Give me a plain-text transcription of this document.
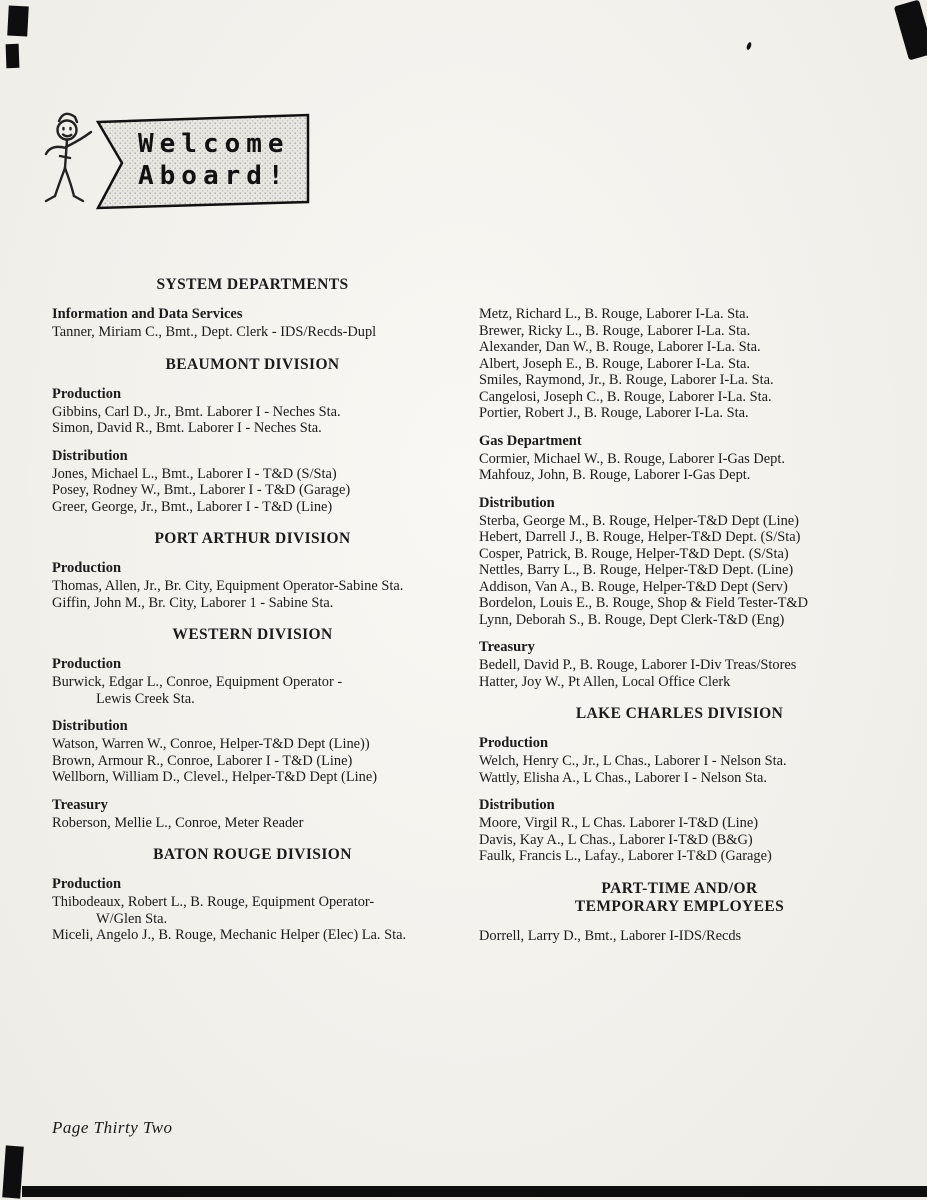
Welcome
Aboard!
SYSTEM DEPARTMENTS
Information and Data Services
Tanner, Miriam C., Bmt., Dept. Clerk - IDS/Recds-Dupl
BEAUMONT DIVISION
Production
Gibbins, Carl D., Jr., Bmt. Laborer I - Neches Sta.
Simon, David R., Bmt. Laborer I - Neches Sta.
Distribution
Jones, Michael L., Bmt., Laborer I - T&D (S/Sta)
Posey, Rodney W., Bmt., Laborer I - T&D (Garage)
Greer, George, Jr., Bmt., Laborer I - T&D (Line)
PORT ARTHUR DIVISION
Production
Thomas, Allen, Jr., Br. City, Equipment Operator-Sabine Sta.
Giffin, John M., Br. City, Laborer 1 - Sabine Sta.
WESTERN DIVISION
Production
Burwick, Edgar L., Conroe, Equipment Operator -
Lewis Creek Sta.
Distribution
Watson, Warren W., Conroe, Helper-T&D Dept (Line))
Brown, Armour R., Conroe, Laborer I - T&D (Line)
Wellborn, William D., Clevel., Helper-T&D Dept (Line)
Treasury
Roberson, Mellie L., Conroe, Meter Reader
BATON ROUGE DIVISION
Production
Thibodeaux, Robert L., B. Rouge, Equipment Operator-
W/Glen Sta.
Miceli, Angelo J., B. Rouge, Mechanic Helper (Elec) La. Sta.
Metz, Richard L., B. Rouge, Laborer I-La. Sta.
Brewer, Ricky L., B. Rouge, Laborer I-La. Sta.
Alexander, Dan W., B. Rouge, Laborer I-La. Sta.
Albert, Joseph E., B. Rouge, Laborer I-La. Sta.
Smiles, Raymond, Jr., B. Rouge, Laborer I-La. Sta.
Cangelosi, Joseph C., B. Rouge, Laborer I-La. Sta.
Portier, Robert J., B. Rouge, Laborer I-La. Sta.
Gas Department
Cormier, Michael W., B. Rouge, Laborer I-Gas Dept.
Mahfouz, John, B. Rouge, Laborer I-Gas Dept.
Distribution
Sterba, George M., B. Rouge, Helper-T&D Dept (Line)
Hebert, Darrell J., B. Rouge, Helper-T&D Dept. (S/Sta)
Cosper, Patrick, B. Rouge, Helper-T&D Dept. (S/Sta)
Nettles, Barry L., B. Rouge, Helper-T&D Dept. (Line)
Addison, Van A., B. Rouge, Helper-T&D Dept (Serv)
Bordelon, Louis E., B. Rouge, Shop & Field Tester-T&D
Lynn, Deborah S., B. Rouge, Dept Clerk-T&D (Eng)
Treasury
Bedell, David P., B. Rouge, Laborer I-Div Treas/Stores
Hatter, Joy W., Pt Allen, Local Office Clerk
LAKE CHARLES DIVISION
Production
Welch, Henry C., Jr., L Chas., Laborer I - Nelson Sta.
Wattly, Elisha A., L Chas., Laborer I - Nelson Sta.
Distribution
Moore, Virgil R., L Chas. Laborer I-T&D (Line)
Davis, Kay A., L Chas., Laborer I-T&D (B&G)
Faulk, Francis L., Lafay., Laborer I-T&D (Garage)
PART-TIME AND/OR
TEMPORARY EMPLOYEES
Dorrell, Larry D., Bmt., Laborer I-IDS/Recds
Page Thirty Two
